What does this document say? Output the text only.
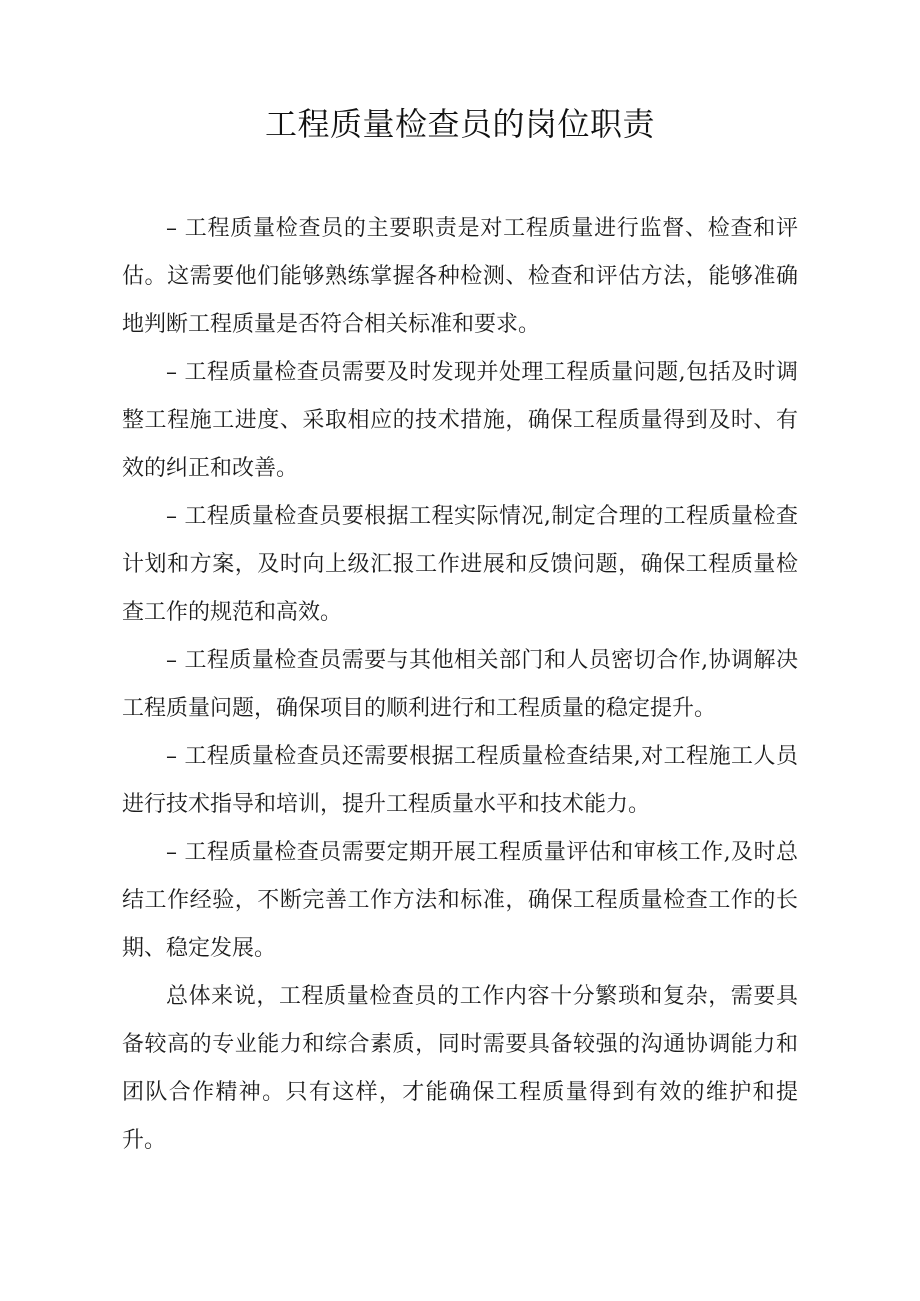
工程质量检查员的岗位职责

– 工程质量检查员的主要职责是对工程质量进行监督、检查和评估。这需要他们能够熟练掌握各种检测、检查和评估方法，能够准确地判断工程质量是否符合相关标准和要求。

– 工程质量检查员需要及时发现并处理工程质量问题,包括及时调整工程施工进度、采取相应的技术措施，确保工程质量得到及时、有效的纠正和改善。

– 工程质量检查员要根据工程实际情况,制定合理的工程质量检查计划和方案，及时向上级汇报工作进展和反馈问题，确保工程质量检查工作的规范和高效。

– 工程质量检查员需要与其他相关部门和人员密切合作,协调解决工程质量问题，确保项目的顺利进行和工程质量的稳定提升。

– 工程质量检查员还需要根据工程质量检查结果,对工程施工人员进行技术指导和培训，提升工程质量水平和技术能力。

– 工程质量检查员需要定期开展工程质量评估和审核工作,及时总结工作经验，不断完善工作方法和标准，确保工程质量检查工作的长期、稳定发展。

总体来说，工程质量检查员的工作内容十分繁琐和复杂，需要具备较高的专业能力和综合素质，同时需要具备较强的沟通协调能力和团队合作精神。只有这样，才能确保工程质量得到有效的维护和提升。
